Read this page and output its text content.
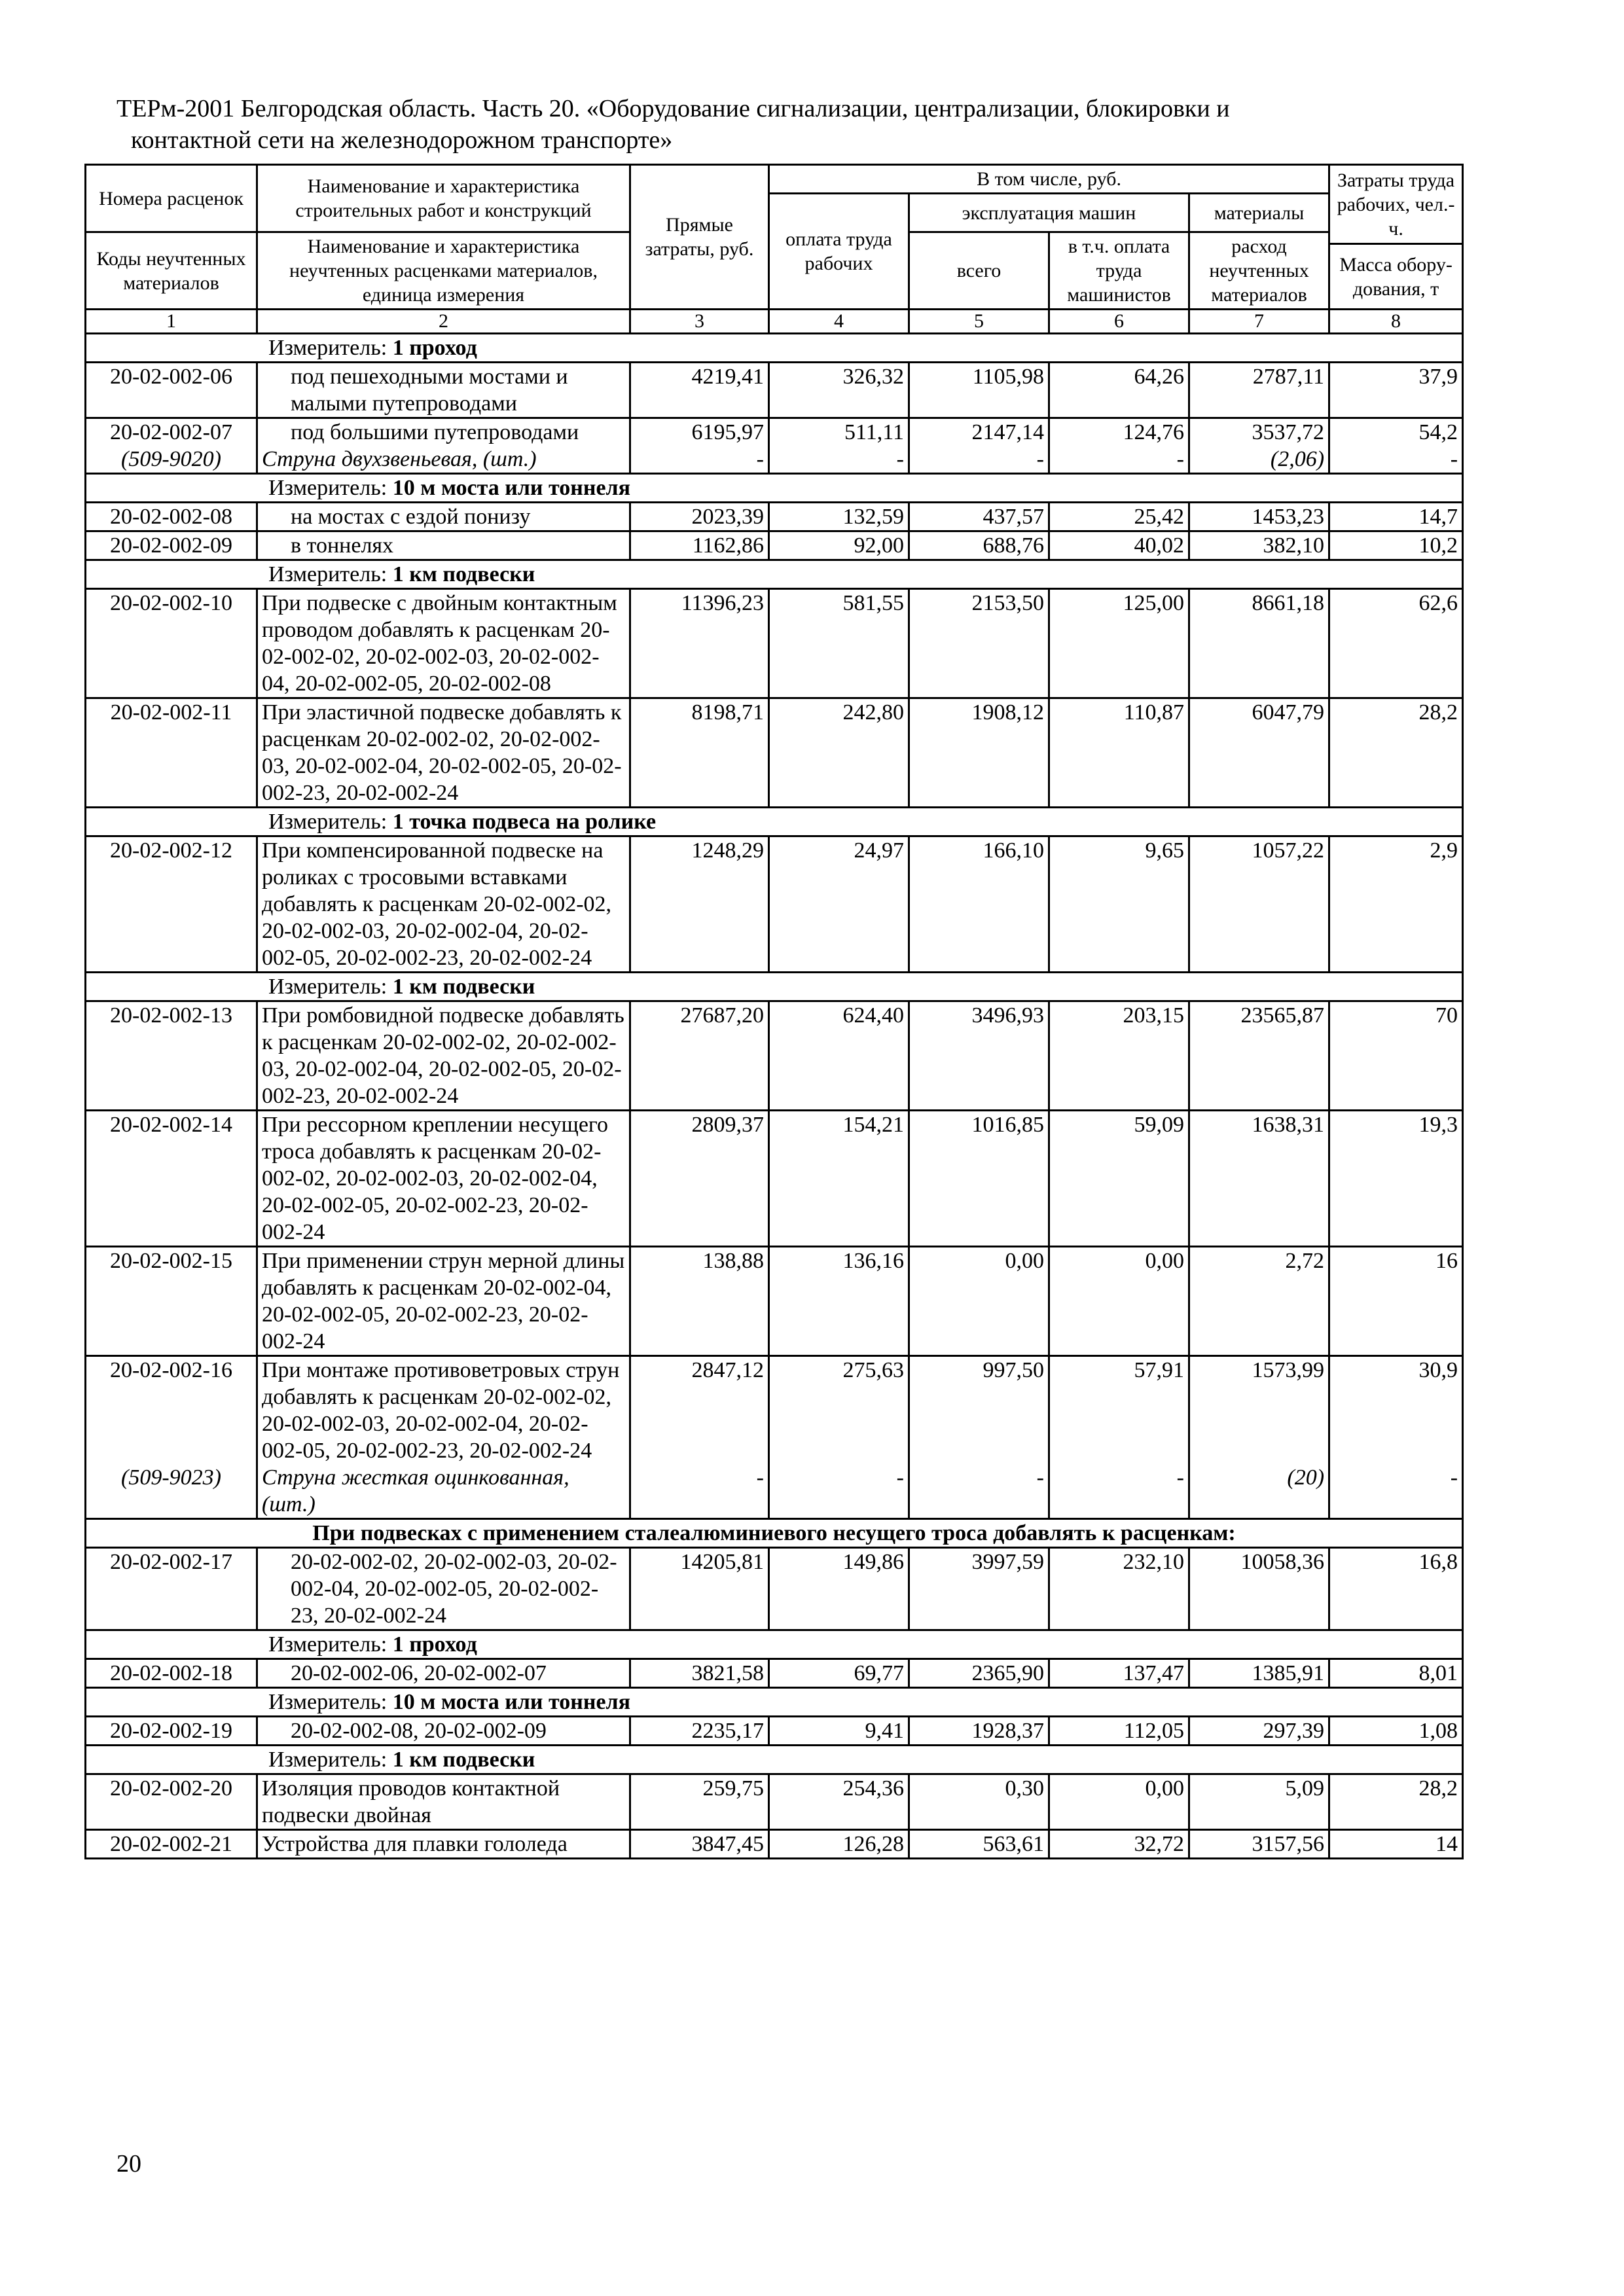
ТЕРм-2001 Белгородская область. Часть 20. «Оборудование сигнализации, централизации, блокировки и
контактной сети на железнодорожном транспорте»
Номера расценок	Наименование и характеристика строительных работ и конструкций	Прямые затраты, руб.	В том числе, руб.				Затраты труда рабочих, чел.-ч.
			оплата труда рабочих	эксплуатация машин		материалы	
Коды неучтенных материалов	Наименование и характеристика неучтенных расценками материалов, единица измерения			всего	в т.ч. оплата труда машинистов	расход неучтенных материалов	
							Масса обору-дования, т
1	2	3	4	5	6	7	8
Измеритель: 1 проход							
20-02-002-06	под пешеходными мостами и малыми путепроводами	4219,41	326,32	1105,98	64,26	2787,11	37,9
20-02-002-07	под большими путепроводами	6195,97	511,11	2147,14	124,76	3537,72	54,2
(509-9020)	Струна двухзвеньевая, (шт.)	-	-	-	-	(2,06)	-
Измеритель: 10 м моста или тоннеля							
20-02-002-08	на мостах с ездой понизу	2023,39	132,59	437,57	25,42	1453,23	14,7
20-02-002-09	в тоннелях	1162,86	92,00	688,76	40,02	382,10	10,2
Измеритель: 1 км подвески							
20-02-002-10	При подвеске с двойным контактным проводом добавлять к расценкам 20-02-002-02, 20-02-002-03, 20-02-002-04, 20-02-002-05, 20-02-002-08	11396,23	581,55	2153,50	125,00	8661,18	62,6
20-02-002-11	При эластичной подвеске добавлять к расценкам 20-02-002-02, 20-02-002-03, 20-02-002-04, 20-02-002-05, 20-02-002-23, 20-02-002-24	8198,71	242,80	1908,12	110,87	6047,79	28,2
Измеритель: 1 точка подвеса на ролике							
20-02-002-12	При компенсированной подвеске на роликах с тросовыми вставками добавлять к расценкам 20-02-002-02, 20-02-002-03, 20-02-002-04, 20-02-002-05, 20-02-002-23, 20-02-002-24	1248,29	24,97	166,10	9,65	1057,22	2,9
Измеритель: 1 км подвески							
20-02-002-13	При ромбовидной подвеске добавлять к расценкам 20-02-002-02, 20-02-002-03, 20-02-002-04, 20-02-002-05, 20-02-002-23, 20-02-002-24	27687,20	624,40	3496,93	203,15	23565,87	70
20-02-002-14	При рессорном креплении несущего троса добавлять к расценкам 20-02-002-02, 20-02-002-03, 20-02-002-04, 20-02-002-05, 20-02-002-23, 20-02-002-24	2809,37	154,21	1016,85	59,09	1638,31	19,3
20-02-002-15	При применении струн мерной длины добавлять к расценкам 20-02-002-04, 20-02-002-05, 20-02-002-23, 20-02-002-24	138,88	136,16	0,00	0,00	2,72	16
20-02-002-16	При монтаже противоветровых струн добавлять к расценкам 20-02-002-02, 20-02-002-03, 20-02-002-04, 20-02-002-05, 20-02-002-23, 20-02-002-24	2847,12	275,63	997,50	57,91	1573,99	30,9
(509-9023)	Струна жесткая оцинкованная, (шт.)	-	-	-	-	(20)	-
При подвесках с применением сталеалюминиевого несущего троса добавлять к расценкам:							
20-02-002-17	20-02-002-02, 20-02-002-03, 20-02-002-04, 20-02-002-05, 20-02-002-23, 20-02-002-24	14205,81	149,86	3997,59	232,10	10058,36	16,8
Измеритель: 1 проход							
20-02-002-18	20-02-002-06, 20-02-002-07	3821,58	69,77	2365,90	137,47	1385,91	8,01
Измеритель: 10 м моста или тоннеля							
20-02-002-19	20-02-002-08, 20-02-002-09	2235,17	9,41	1928,37	112,05	297,39	1,08
Измеритель: 1 км подвески							
20-02-002-20	Изоляция проводов контактной подвески двойная	259,75	254,36	0,30	0,00	5,09	28,2
20-02-002-21	Устройства для плавки гололеда	3847,45	126,28	563,61	32,72	3157,56	14
20
